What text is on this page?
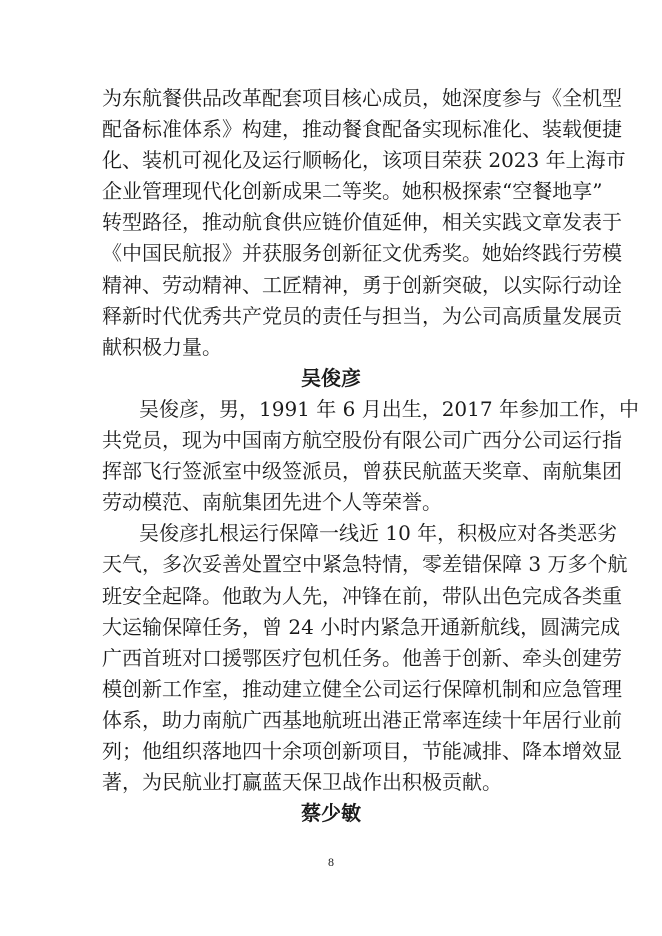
为东航餐供品改革配套项目核心成员，她深度参与《全机型
配备标准体系》构建，推动餐食配备实现标准化、装载便捷
化、装机可视化及运行顺畅化，该项目荣获 2023 年上海市
企业管理现代化创新成果二等奖。她积极探索“空餐地享”
转型路径，推动航食供应链价值延伸，相关实践文章发表于
《中国民航报》并获服务创新征文优秀奖。她始终践行劳模
精神、劳动精神、工匠精神，勇于创新突破，以实际行动诠
释新时代优秀共产党员的责任与担当，为公司高质量发展贡
献积极力量。
吴俊彦
吴俊彦，男，1991 年 6 月出生，2017 年参加工作，中
共党员，现为中国南方航空股份有限公司广西分公司运行指
挥部飞行签派室中级签派员，曾获民航蓝天奖章、南航集团
劳动模范、南航集团先进个人等荣誉。
吴俊彦扎根运行保障一线近 10 年，积极应对各类恶劣
天气，多次妥善处置空中紧急特情，零差错保障 3 万多个航
班安全起降。他敢为人先，冲锋在前，带队出色完成各类重
大运输保障任务，曾 24 小时内紧急开通新航线，圆满完成
广西首班对口援鄂医疗包机任务。他善于创新、牵头创建劳
模创新工作室，推动建立健全公司运行保障机制和应急管理
体系，助力南航广西基地航班出港正常率连续十年居行业前
列；他组织落地四十余项创新项目，节能减排、降本增效显
著，为民航业打赢蓝天保卫战作出积极贡献。
蔡少敏
8
